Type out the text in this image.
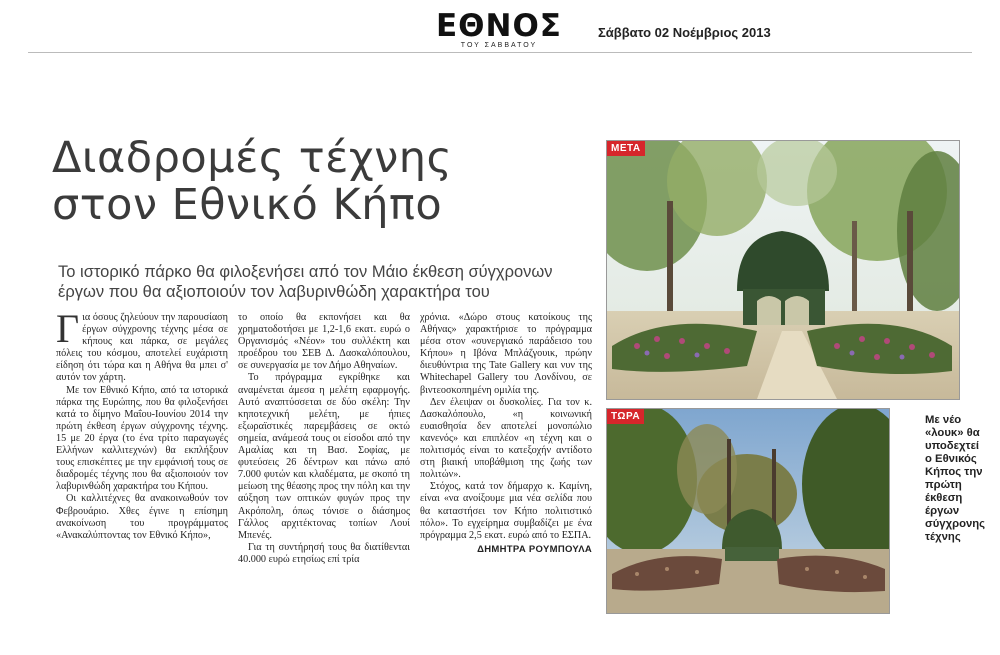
ΕΘΝΟΣ
ΤΟΥ ΣΑΒΒΑΤΟΥ
Σάββατο 02 Νοέμβριος 2013
Διαδρομές τέχνης
στον Εθνικό Κήπο
Το ιστορικό πάρκο θα φιλοξενήσει από τον Μάιο έκθεση σύγχρονων
έργων που θα αξιοποιούν τον λαβυρινθώδη χαρακτήρα του

Για όσους ζηλεύουν την παρουσίαση έργων σύγχρονης τέχνης μέσα σε κήπους και πάρκα, σε μεγάλες πόλεις του κόσμου, αποτελεί ευχάριστη είδηση ότι τώρα και η Αθήνα θα μπει σ' αυτόν τον χάρτη.

Με τον Εθνικό Κήπο, από τα ιστορικά πάρκα της Ευρώπης, που θα φιλοξενήσει κατά το δίμηνο Μαΐου-Ιουνίου 2014 την πρώτη έκθεση έργων σύγχρονης τέχνης. 15 με 20 έργα (το ένα τρίτο παραγωγές Ελλήνων καλλιτεχνών) θα εκπλήξουν τους επισκέπτες με την εμφάνισή τους σε διαδρομές τέχνης που θα αξιοποιούν τον λαβυρινθώδη χαρακτήρα του Κήπου.

Οι καλλιτέχνες θα ανακοινωθούν τον Φεβρουάριο. Χθες έγινε η επίσημη ανακοίνωση του προγράμματος «Ανακαλύπτοντας τον Εθνικό Κήπο»,

το οποίο θα εκπονήσει και θα χρηματοδοτήσει με 1,2-1,6 εκατ. ευρώ ο Οργανισμός «Νέον» του συλλέκτη και προέδρου του ΣΕΒ Δ. Δασκαλόπουλου, σε συνεργασία με τον Δήμο Αθηναίων.

Το πρόγραμμα εγκρίθηκε και αναμένεται άμεσα η μελέτη εφαρμογής. Αυτό αναπτύσσεται σε δύο σκέλη: Την κηποτεχνική μελέτη, με ήπιες εξωραϊστικές παρεμβάσεις σε οκτώ σημεία, ανάμεσά τους οι είσοδοι από την Αμαλίας και τη Βασ. Σοφίας, με φυτεύσεις 26 δέντρων και πάνω από 7.000 φυτών και κλαδέματα, με σκοπό τη μείωση της θέασης προς την πόλη και την αύξηση των οπτικών φυγών προς την Ακρόπολη, όπως τόνισε ο διάσημος Γάλλος αρχιτέκτονας τοπίων Λουί Μπενές.

Για τη συντήρησή τους θα διατίθενται 40.000 ευρώ ετησίως επί τρία

χρόνια. «Δώρο στους κατοίκους της Αθήνας» χαρακτήρισε το πρόγραμμα μέσα στον «συνεργιακό παράδεισο του Κήπου» η Ιβόνα Μπλάζγουικ, πρώην διευθύντρια της Tate Gallery και νυν της Whitechapel Gallery του Λονδίνου, σε βιντεοσκοπημένη ομιλία της.

Δεν έλειψαν οι δυσκολίες. Για τον κ. Δασκαλόπουλο, «η κοινωνική ευαισθησία δεν αποτελεί μονοπώλιο κανενός» και επιπλέον «η τέχνη και ο πολιτισμός είναι το κατεξοχήν αντίδοτο στη βιαική υποβάθμιση της ζωής των πολιτών».

Στόχος, κατά τον δήμαρχο κ. Καμίνη, είναι «να ανοίξουμε μια νέα σελίδα που θα καταστήσει τον Κήπο πολιτιστικό πόλο». Το εγχείρημα συμβαδίζει με ένα πρόγραμμα 2,5 εκατ. ευρώ από το ΕΣΠΑ.

ΔΗΜΗΤΡΑ ΡΟΥΜΠΟΥΛΑ
ΜΕΤΑ
ΤΩΡΑ	Με νέο
«λουκ» θα
υποδεχτεί
ο Εθνικός
Κήπος την
πρώτη
έκθεση
έργων
σύγχρονης
τέχνης
